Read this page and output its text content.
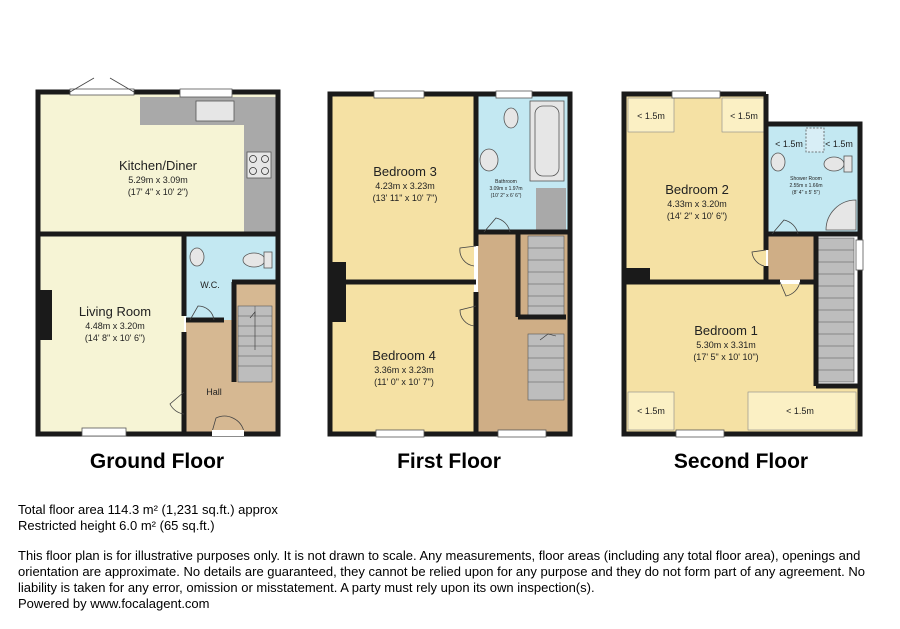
Kitchen/Diner
5.29m x 3.09m
(17' 4" x 10' 2")
Living Room
4.48m x 3.20m
(14' 8" x 10' 6")
W.C.
Hall
Ground Floor
Bedroom 3
4.23m x 3.23m
(13' 11" x 10' 7")
Bedroom 4
3.36m x 3.23m
(11' 0" x 10' 7")
Bathroom
3.09m x 1.97m
(10' 2" x 6' 6")
First Floor
< 1.5m	< 1.5m
< 1.5m < 1.5m
< 1.5m	< 1.5m
Bedroom 2
4.33m x 3.20m
(14' 2" x 10' 6")
Bedroom 1
5.30m x 3.31m
(17' 5" x 10' 10")
Shower Room
2.55m x 1.66m
(8' 4" x 5' 5")
Second Floor

Total floor area 114.3 m² (1,231 sq.ft.) approx

Restricted height 6.0 m² (65 sq.ft.)

This floor plan is for illustrative purposes only. It is not drawn to scale. Any measurements, floor areas (including any total floor area), openings and orientation are approximate. No details are guaranteed, they cannot be relied upon for any purpose and they do not form part of any agreement. No liability is taken for any error, omission or misstatement. A party must rely upon its own inspection(s).

Powered by www.focalagent.com
